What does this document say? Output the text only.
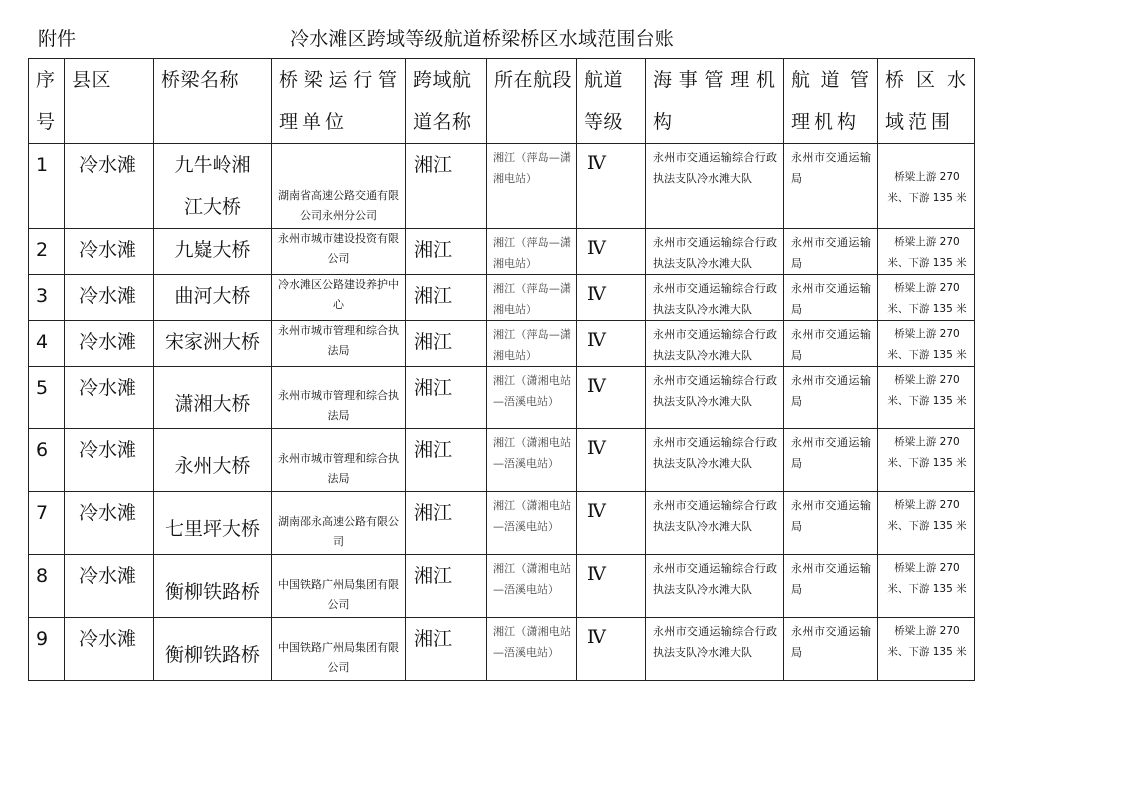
附件	冷水滩区跨域等级航道桥梁桥区水域范围台账
序号	县区	桥梁名称	桥梁运行管理单位	跨域航道名称	所在航段	航道等级	海事管理机构	航道管理机构	桥区水域范围
1	冷水滩	九牛岭湘江大桥	湖南省高速公路交通有限公司永州分公司	湘江	湘江（萍岛—潇湘电站）	Ⅳ	永州市交通运输综合行政执法支队冷水滩大队	永州市交通运输局	桥梁上游 270 米、下游 135 米
2	冷水滩	九嶷大桥	永州市城市建设投资有限公司	湘江	湘江（萍岛—潇湘电站）	Ⅳ	永州市交通运输综合行政执法支队冷水滩大队	永州市交通运输局	桥梁上游 270 米、下游 135 米
3	冷水滩	曲河大桥	冷水滩区公路建设养护中心	湘江	湘江（萍岛—潇湘电站）	Ⅳ	永州市交通运输综合行政执法支队冷水滩大队	永州市交通运输局	桥梁上游 270 米、下游 135 米
4	冷水滩	宋家洲大桥	永州市城市管理和综合执法局	湘江	湘江（萍岛—潇湘电站）	Ⅳ	永州市交通运输综合行政执法支队冷水滩大队	永州市交通运输局	桥梁上游 270 米、下游 135 米
5	冷水滩	潇湘大桥	永州市城市管理和综合执法局	湘江	湘江（潇湘电站—浯溪电站）	Ⅳ	永州市交通运输综合行政执法支队冷水滩大队	永州市交通运输局	桥梁上游 270 米、下游 135 米
6	冷水滩	永州大桥	永州市城市管理和综合执法局	湘江	湘江（潇湘电站—浯溪电站）	Ⅳ	永州市交通运输综合行政执法支队冷水滩大队	永州市交通运输局	桥梁上游 270 米、下游 135 米
7	冷水滩	七里坪大桥	湖南邵永高速公路有限公司	湘江	湘江（潇湘电站—浯溪电站）	Ⅳ	永州市交通运输综合行政执法支队冷水滩大队	永州市交通运输局	桥梁上游 270 米、下游 135 米
8	冷水滩	衡柳铁路桥	中国铁路广州局集团有限公司	湘江	湘江（潇湘电站—浯溪电站）	Ⅳ	永州市交通运输综合行政执法支队冷水滩大队	永州市交通运输局	桥梁上游 270 米、下游 135 米
9	冷水滩	衡柳铁路桥	中国铁路广州局集团有限公司	湘江	湘江（潇湘电站—浯溪电站）	Ⅳ	永州市交通运输综合行政执法支队冷水滩大队	永州市交通运输局	桥梁上游 270 米、下游 135 米
